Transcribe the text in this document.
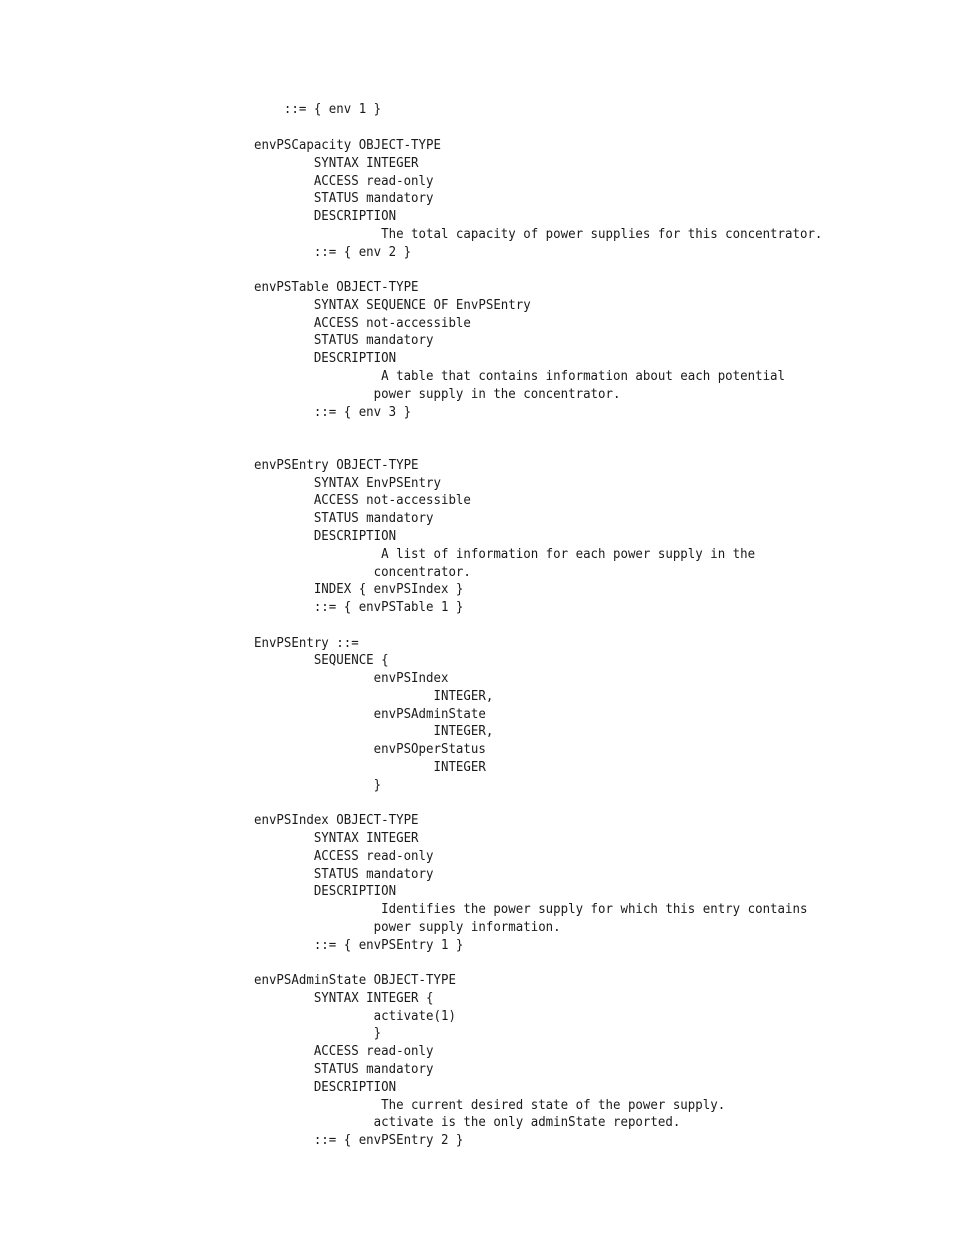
::= { env 1 }
envPSCapacity OBJECT-TYPE
SYNTAX INTEGER
ACCESS read-only
STATUS mandatory
DESCRIPTION
The total capacity of power supplies for this concentrator.
::= { env 2 }
envPSTable OBJECT-TYPE
SYNTAX SEQUENCE OF EnvPSEntry
ACCESS not-accessible
STATUS mandatory
DESCRIPTION
A table that contains information about each potential
power supply in the concentrator.
::= { env 3 }
envPSEntry OBJECT-TYPE
SYNTAX EnvPSEntry
ACCESS not-accessible
STATUS mandatory
DESCRIPTION
A list of information for each power supply in the
concentrator.
INDEX { envPSIndex }
::= { envPSTable 1 }
EnvPSEntry ::=
SEQUENCE {
envPSIndex
INTEGER,
envPSAdminState
INTEGER,
envPSOperStatus
INTEGER
}
envPSIndex OBJECT-TYPE
SYNTAX INTEGER
ACCESS read-only
STATUS mandatory
DESCRIPTION
Identifies the power supply for which this entry contains
power supply information.
::= { envPSEntry 1 }
envPSAdminState OBJECT-TYPE
SYNTAX INTEGER {
activate(1)
}
ACCESS read-only
STATUS mandatory
DESCRIPTION
The current desired state of the power supply.
activate is the only adminState reported.
::= { envPSEntry 2 }
